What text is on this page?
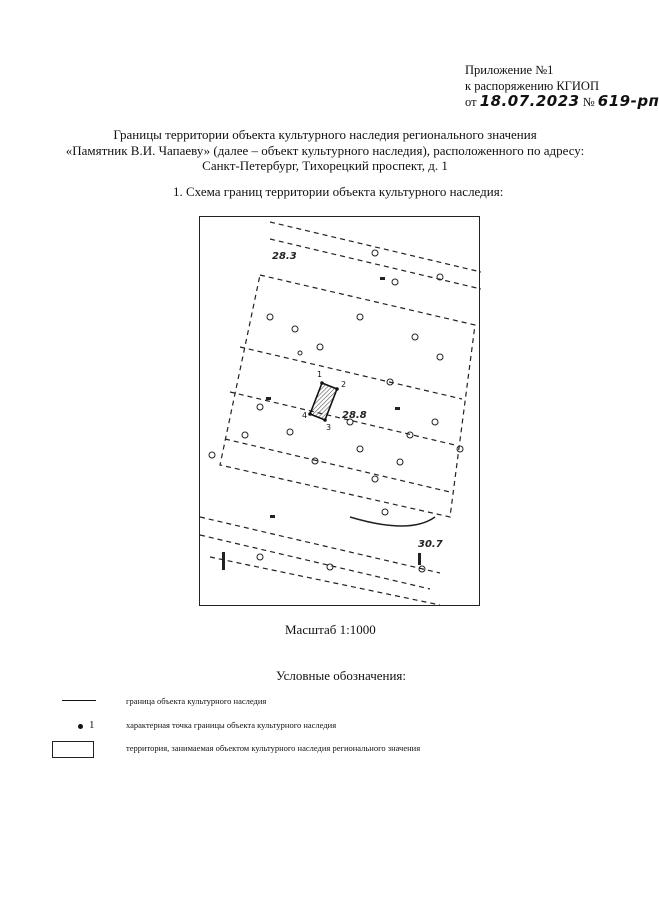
Приложение №1
к распоряжению КГИОП
от 18.07.2023 № 619-рп
Границы территории объекта культурного наследия регионального значения
«Памятник В.И. Чапаеву» (далее – объект культурного наследия), расположенного по адресу:
Санкт-Петербург, Тихорецкий проспект, д. 1
1. Схема границ территории объекта культурного наследия:
1
2
3
4	28.8
28.3
30.7
Масштаб 1:1000
Условные обозначения:
граница объекта культурного наследия
1	характерная точка границы объекта культурного наследия
территория, занимаемая объектом культурного наследия регионального значения
